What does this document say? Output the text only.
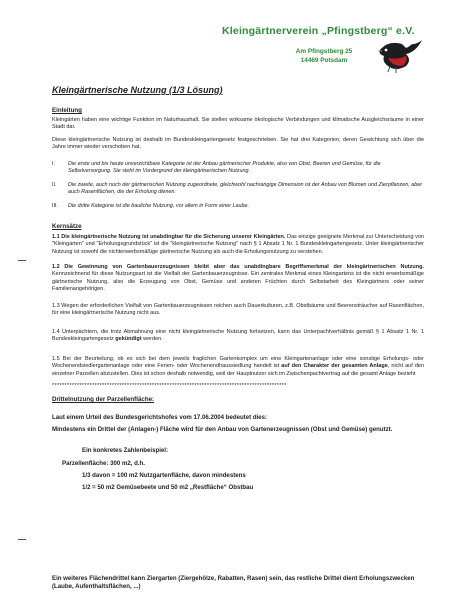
Kleingärtnerverein „Pfingstberg“ e.V.
Am Pfingstberg 25
14469 Potsdam
Kleingärtnerische Nutzung (1/3 Lösung)
Einleitung
Kleingärten haben eine wichtige Funktion im Naturhaushalt. Sie stellen wirksame ökologische Verbindungen und klimatische Ausgleichsräume in einer Stadt dar.
Diese kleingärtnerische Nutzung ist deshalb im Bundeskleingartengesetz festgeschrieben. Sie hat drei Kategorien, deren Gewichtung sich über die Jahre immer wieder verschoben hat.
I. Die erste und bis heute unverzichtbare Kategorie ist der Anbau gärtnerischer Produkte, also von Obst, Beeren und Gemüse, für die Selbstversorgung. Sie steht im Vordergrund der kleingärtnerischen Nutzung.
II. Die zweite, auch noch der gärtnerischen Nutzung zugeordnete, gleichwohl nachrangige Dimension ist der Anbau von Blumen und Zierpflanzen, aber auch Rasenflächen, die der Erholung dienen.
III. Die dritte Kategorie ist die bauliche Nutzung, vor allem in Form einer Laube.
Kernsätze
1.1 Die kleingärtnerische Nutzung ist unabdingbar für die Sicherung unserer Kleingärten. Das einzige geeignete Merkmal zur Unterscheidung von "Kleingarten" und "Erholungsgrundstück" ist die "kleingärtnerische Nutzung" nach § 1 Absatz 1 Nr. 1 Bundeskleingartengesetz. Unter kleingärtnerischer Nutzung ist sowohl die nichterwerbsmäßige gärtnerische Nutzung als auch die Erholungsnutzung zu verstehen.
1.2 Die Gewinnung von Gartenbauerzeugnissen bleibt aber das unabdingbare Begriffsmerkmal der kleingärtnerischen Nutzung. Kennzeichnend für diese Nutzungsart ist die Vielfalt der Gartenbauerzeugnisse. Ein zentrales Merkmal eines Kleingartens ist die nicht erwerbsmäßige gärtnerische Nutzung, also die Erzeugung von Obst, Gemüse und anderen Früchten durch Selbstarbeit des Kleingärtners oder seiner Familienangehörigen.
1.3 Wegen der erforderlichen Vielfalt von Gartenbauerzeugnissen reichen auch Dauerkulturen, z.B. Obstbäume und Beerensträucher auf Rasenflächen, für eine kleingärtnerische Nutzung nicht aus.
1.4 Unterpächtern, die trotz Abmahnung eine nicht kleingärtnerische Nutzung fortsetzen, kann das Unterpachtverhältnis gemäß § 1 Absatz 1 Nr. 1 Bundeskleingartengesetz gekündigt werden.
1.5 Bei der Beurteilung, ob es sich bei dem jeweils fraglichen Gartenkomplex um eine Kleingartenanlage oder eine sonstige Erholungs- oder Wochenendsiedlergartenanlage oder eine Ferien- oder Wochenendhaussiedlung handelt ist auf den Charakter der gesamten Anlage, nicht auf den einzelner Parzellen abzustellen. Dies ist schon deshalb notwendig, weil der Hauptnutzer sich im Zwischenpachtvertrag auf die gesamt Anlage bezieht
**********************************************************************************************
Drittelnutzung der Parzellenfläche:
Laut einem Urteil des Bundesgerichtshofes vom 17.06.2004 bedeutet dies:
Mindestens ein Drittel der (Anlagen-) Fläche wird für den Anbau von Gartenerzeugnissen (Obst und Gemüse) genutzt.
Ein konkretes Zahlenbeispiel:
Parzellenfläche: 300 m2, d.h.
1/3 davon = 100 m2 Nutzgartenfläche, davon mindestens
1/2 = 50 m2 Gemüsebeete und 50 m2 „Restfläche“ Obstbau
Ein weiteres Flächendrittel kann Ziergarten (Ziergehölze, Rabatten, Rasen) sein, das restliche Drittel dient Erholungszwecken (Laube, Aufenthaltsflächen, ...)
